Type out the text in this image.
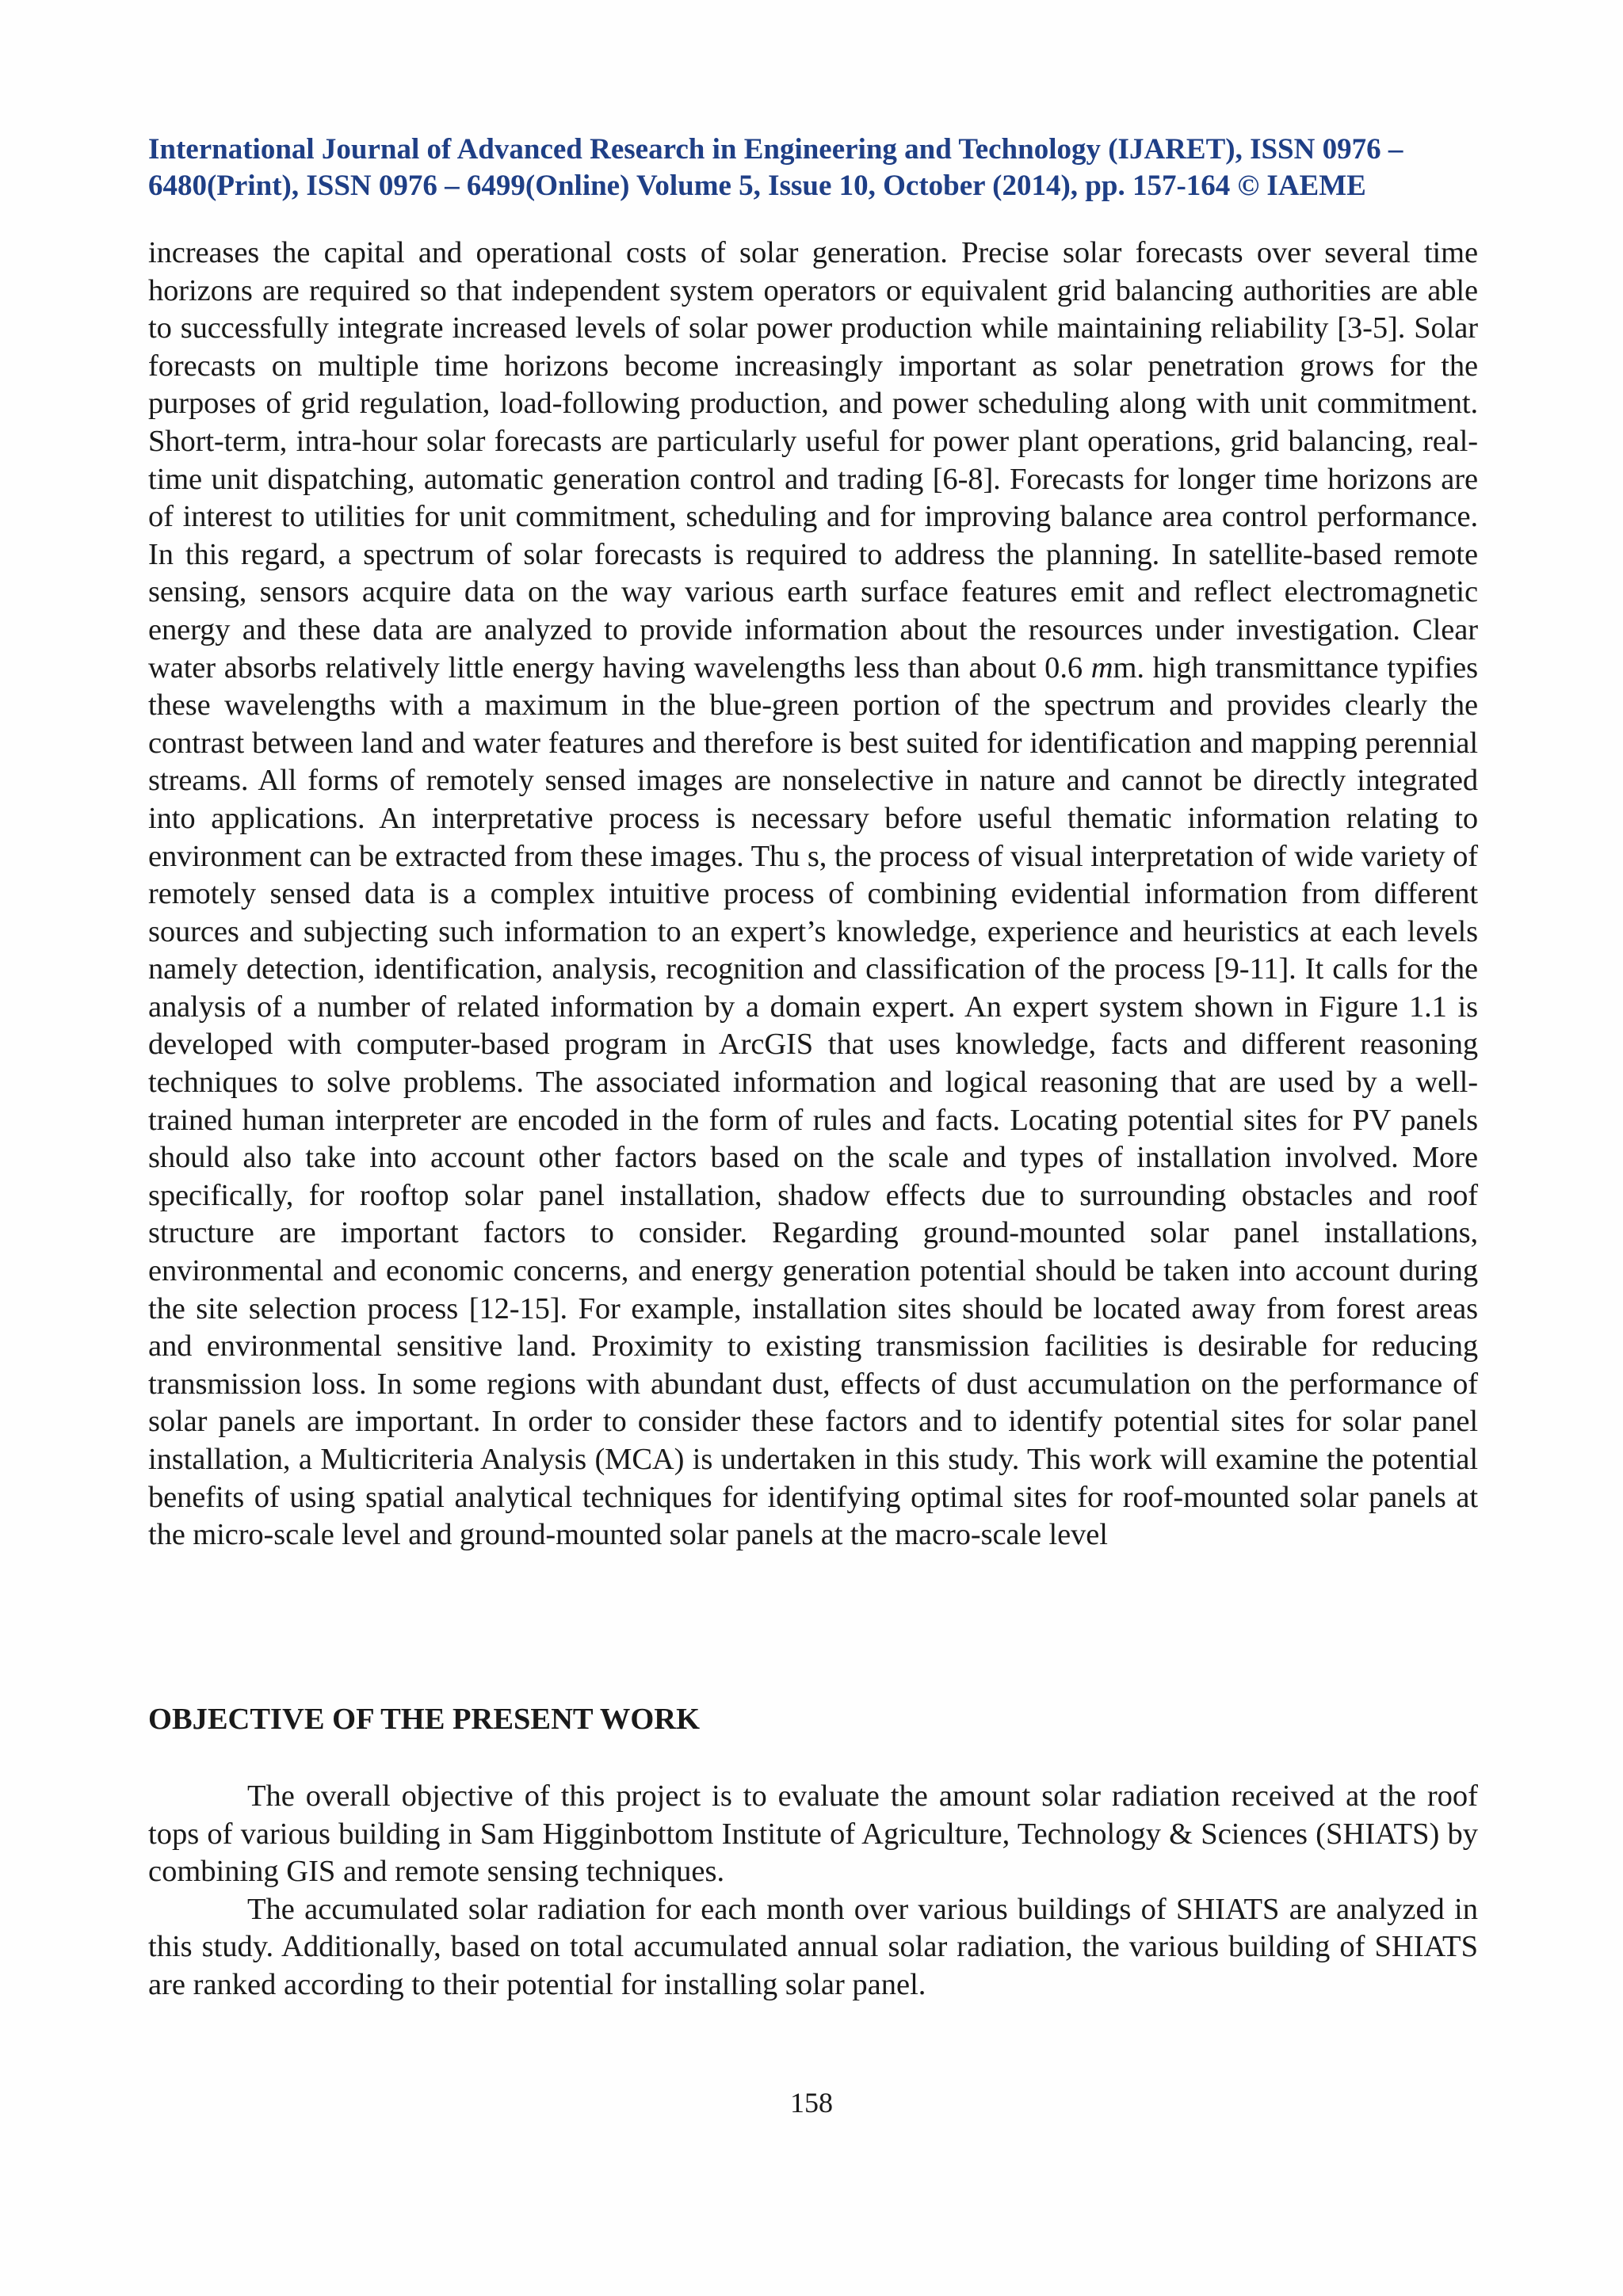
International Journal of Advanced Research in Engineering and Technology (IJARET), ISSN 0976 –
6480(Print), ISSN 0976 – 6499(Online) Volume 5, Issue 10, October (2014), pp. 157-164 © IAEME

increases the capital and operational costs of solar generation. Precise solar forecasts over several time horizons are required so that independent system operators or equivalent grid balancing authorities are able to successfully integrate increased levels of solar power production while maintaining reliability [3-5]. Solar forecasts on multiple time horizons become increasingly important as solar penetration grows for the purposes of grid regulation, load-following production, and power scheduling along with unit commitment. Short-term, intra-hour solar forecasts are particularly useful for power plant operations, grid balancing, real-time unit dispatching, automatic generation control and trading [6-8]. Forecasts for longer time horizons are of interest to utilities for unit commitment, scheduling and for improving balance area control performance. In this regard, a spectrum of solar forecasts is required to address the planning. In satellite-based remote sensing, sensors acquire data on the way various earth surface features emit and reflect electromagnetic energy and these data are analyzed to provide information about the resources under investigation. Clear water absorbs relatively little energy having wavelengths less than about 0.6 mm. high transmittance typifies these wavelengths with a maximum in the blue-green portion of the spectrum and provides clearly the contrast between land and water features and therefore is best suited for identification and mapping perennial streams. All forms of remotely sensed images are nonselective in nature and cannot be directly integrated into applications. An interpretative process is necessary before useful thematic information relating to environment can be extracted from these images. Thu s, the process of visual interpretation of wide variety of remotely sensed data is a complex intuitive process of combining evidential information from different sources and subjecting such information to an expert’s knowledge, experience and heuristics at each levels namely detection, identification, analysis, recognition and classification of the process [9-11]. It calls for the analysis of a number of related information by a domain expert. An expert system shown in Figure 1.1 is developed with computer-based program in ArcGIS that uses knowledge, facts and different reasoning techniques to solve problems. The associated information and logical reasoning that are used by a well-trained human interpreter are encoded in the form of rules and facts. Locating potential sites for PV panels should also take into account other factors based on the scale and types of installation involved. More specifically, for rooftop solar panel installation, shadow effects due to surrounding obstacles and roof structure are important factors to consider. Regarding ground-mounted solar panel installations, environmental and economic concerns, and energy generation potential should be taken into account during the site selection process [12-15]. For example, installation sites should be located away from forest areas and environmental sensitive land. Proximity to existing transmission facilities is desirable for reducing transmission loss. In some regions with abundant dust, effects of dust accumulation on the performance of solar panels are important. In order to consider these factors and to identify potential sites for solar panel installation, a Multicriteria Analysis (MCA) is undertaken in this study. This work will examine the potential benefits of using spatial analytical techniques for identifying optimal sites for roof-mounted solar panels at the micro-scale level and ground-mounted solar panels at the macro-scale level

OBJECTIVE OF THE PRESENT WORK

The overall objective of this project is to evaluate the amount solar radiation received at the roof tops of various building in Sam Higginbottom Institute of Agriculture, Technology & Sciences (SHIATS) by combining GIS and remote sensing techniques.

The accumulated solar radiation for each month over various buildings of SHIATS are analyzed in this study. Additionally, based on total accumulated annual solar radiation, the various building of SHIATS are ranked according to their potential for installing solar panel.

158
